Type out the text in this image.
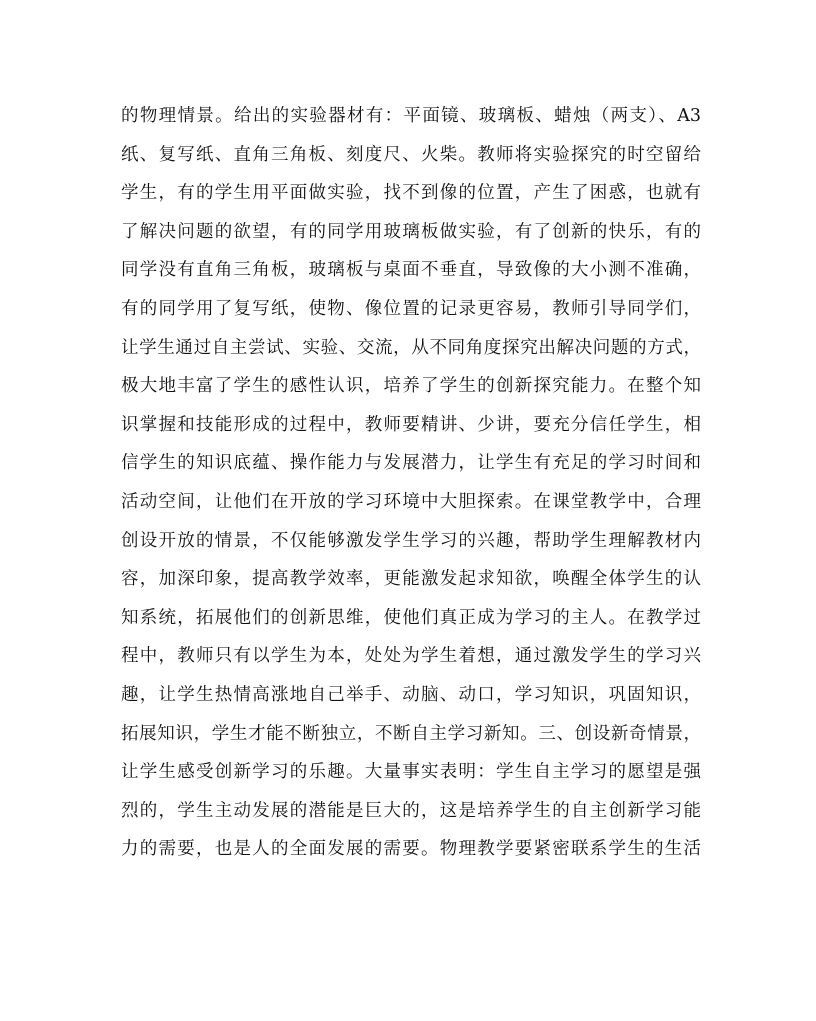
的物理情景。给出的实验器材有：平面镜、玻璃板、蜡烛（两支）、A3
纸、复写纸、直角三角板、刻度尺、火柴。教师将实验探究的时空留给
学生，有的学生用平面做实验，找不到像的位置，产生了困惑，也就有
了解决问题的欲望，有的同学用玻璃板做实验，有了创新的快乐，有的
同学没有直角三角板，玻璃板与桌面不垂直，导致像的大小测不准确，
有的同学用了复写纸，使物、像位置的记录更容易，教师引导同学们，
让学生通过自主尝试、实验、交流，从不同角度探究出解决问题的方式，
极大地丰富了学生的感性认识，培养了学生的创新探究能力。在整个知
识掌握和技能形成的过程中，教师要精讲、少讲，要充分信任学生，相
信学生的知识底蕴、操作能力与发展潜力，让学生有充足的学习时间和
活动空间，让他们在开放的学习环境中大胆探索。在课堂教学中，合理
创设开放的情景，不仅能够激发学生学习的兴趣，帮助学生理解教材内
容，加深印象，提高教学效率，更能激发起求知欲，唤醒全体学生的认
知系统，拓展他们的创新思维，使他们真正成为学习的主人。在教学过
程中，教师只有以学生为本，处处为学生着想，通过激发学生的学习兴
趣，让学生热情高涨地自己举手、动脑、动口，学习知识，巩固知识，
拓展知识，学生才能不断独立，不断自主学习新知。三、创设新奇情景，
让学生感受创新学习的乐趣。大量事实表明：学生自主学习的愿望是强
烈的，学生主动发展的潜能是巨大的，这是培养学生的自主创新学习能
力的需要，也是人的全面发展的需要。物理教学要紧密联系学生的生活
